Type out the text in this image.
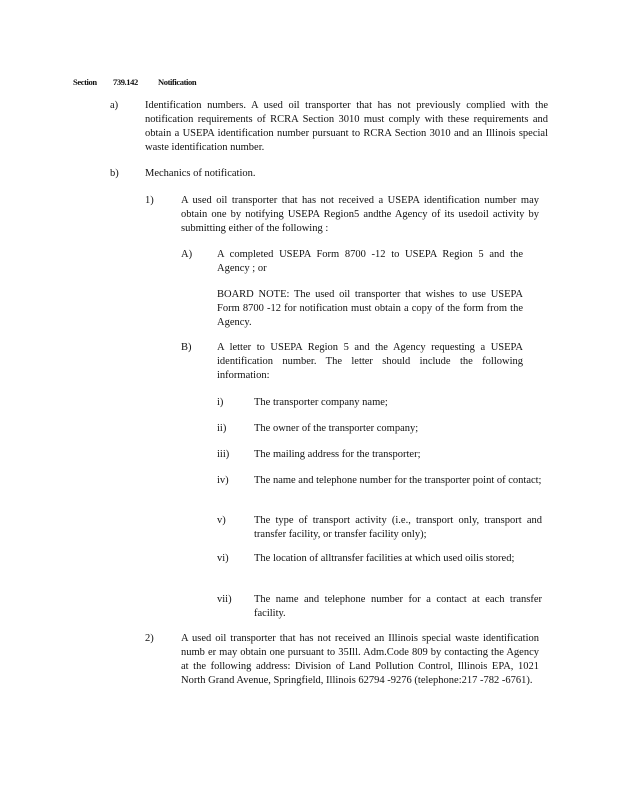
Section 739.142 Notification
a)	Identification numbers. A used oil transporter that has not previously complied with the notification requirements of RCRA Section 3010 must comply with these requirements and obtain a USEPA identification number pursuant to RCRA Section 3010 and an Illinois special waste identification number.
b)	Mechanics of notification.
1)	A used oil transporter that has not received a USEPA identification number may obtain one by notifying USEPA Region5 andthe Agency of its usedoil activity by submitting either of the following :
A) A completed USEPA Form 8700 -12 to USEPA Region 5 and the Agency ; or
BOARD NOTE: The used oil transporter that wishes to use USEPA Form 8700 -12 for notification must obtain a copy of the form from the Agency.
B) A letter to USEPA Region 5 and the Agency requesting a USEPA identification number. The letter should include the following information:
i)	The transporter company name;
ii)	The owner of the transporter company;
iii) The mailing address for the transporter;
iv) The name and telephone number for the transporter point of contact;
v)	The type of transport activity (i.e., transport only, transport and transfer facility, or transfer facility only);
vi) The location of alltransfer facilities at which used oilis stored;
vii) The name and telephone number for a contact at each transfer facility.
2)	A used oil transporter that has not received an Illinois special waste identification numb er may obtain one pursuant to 35Ill. Adm.Code 809 by contacting the Agency at the following address: Division of Land Pollution Control, Illinois EPA, 1021 North Grand Avenue, Springfield, Illinois 62794 -9276 (telephone:217 -782 -6761).
